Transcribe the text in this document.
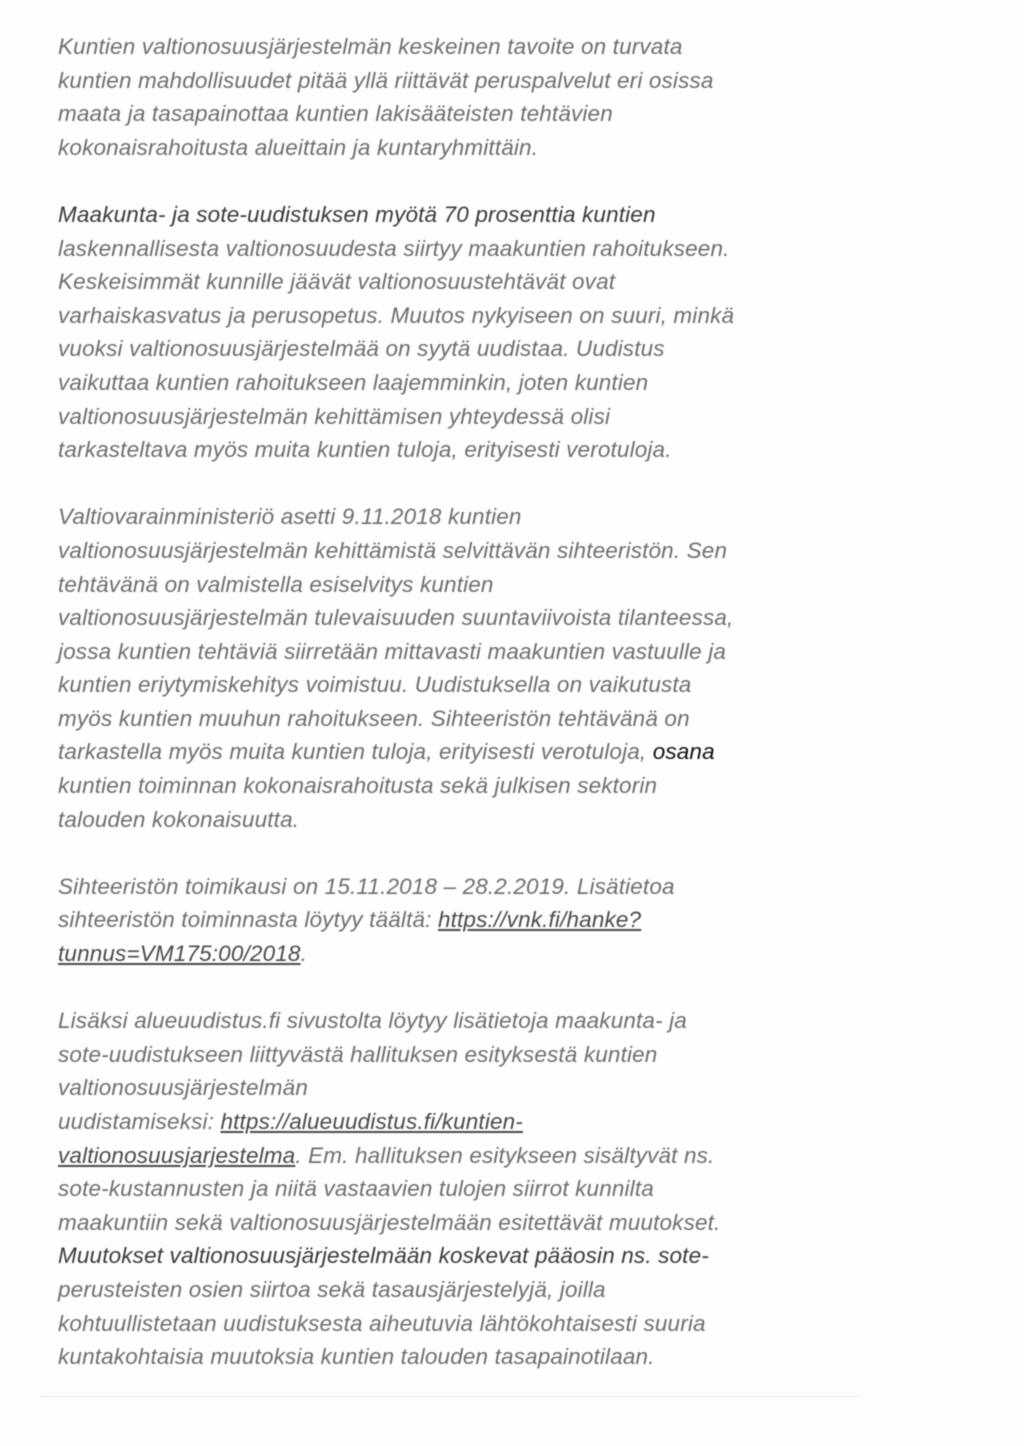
Kuntien valtionosuusjärjestelmän keskeinen tavoite on turvata
kuntien mahdollisuudet pitää yllä riittävät peruspalvelut eri osissa
maata ja tasapainottaa kuntien lakisääteisten tehtävien
kokonaisrahoitusta alueittain ja kuntaryhmittäin.

Maakunta- ja sote-uudistuksen myötä 70 prosenttia kuntien
laskennallisesta valtionosuudesta siirtyy maakuntien rahoitukseen.
Keskeisimmät kunnille jäävät valtionosuustehtävät ovat
varhaiskasvatus ja perusopetus. Muutos nykyiseen on suuri, minkä
vuoksi valtionosuusjärjestelmää on syytä uudistaa. Uudistus
vaikuttaa kuntien rahoitukseen laajemminkin, joten kuntien
valtionosuusjärjestelmän kehittämisen yhteydessä olisi
tarkasteltava myös muita kuntien tuloja, erityisesti verotuloja.

Valtiovarainministeriö asetti 9.11.2018 kuntien
valtionosuusjärjestelmän kehittämistä selvittävän sihteeristön. Sen
tehtävänä on valmistella esiselvitys kuntien
valtionosuusjärjestelmän tulevaisuuden suuntaviivoista tilanteessa,
jossa kuntien tehtäviä siirretään mittavasti maakuntien vastuulle ja
kuntien eriytymiskehitys voimistuu. Uudistuksella on vaikutusta
myös kuntien muuhun rahoitukseen. Sihteeristön tehtävänä on
tarkastella myös muita kuntien tuloja, erityisesti verotuloja, osana
kuntien toiminnan kokonaisrahoitusta sekä julkisen sektorin
talouden kokonaisuutta.

Sihteeristön toimikausi on 15.11.2018 – 28.2.2019. Lisätietoa
sihteeristön toiminnasta löytyy täältä: https://vnk.fi/hanke?
tunnus=VM175:00/2018.

Lisäksi alueuudistus.fi sivustolta löytyy lisätietoja maakunta- ja
sote-uudistukseen liittyvästä hallituksen esityksestä kuntien
valtionosuusjärjestelmän
uudistamiseksi: https://alueuudistus.fi/kuntien-
valtionosuusjarjestelma. Em. hallituksen esitykseen sisältyvät ns.
sote-kustannusten ja niitä vastaavien tulojen siirrot kunnilta
maakuntiin sekä valtionosuusjärjestelmään esitettävät muutokset.
Muutokset valtionosuusjärjestelmään koskevat pääosin ns. sote-
perusteisten osien siirtoa sekä tasausjärjestelyjä, joilla
kohtuullistetaan uudistuksesta aiheutuvia lähtökohtaisesti suuria
kuntakohtaisia muutoksia kuntien talouden tasapainotilaan.
